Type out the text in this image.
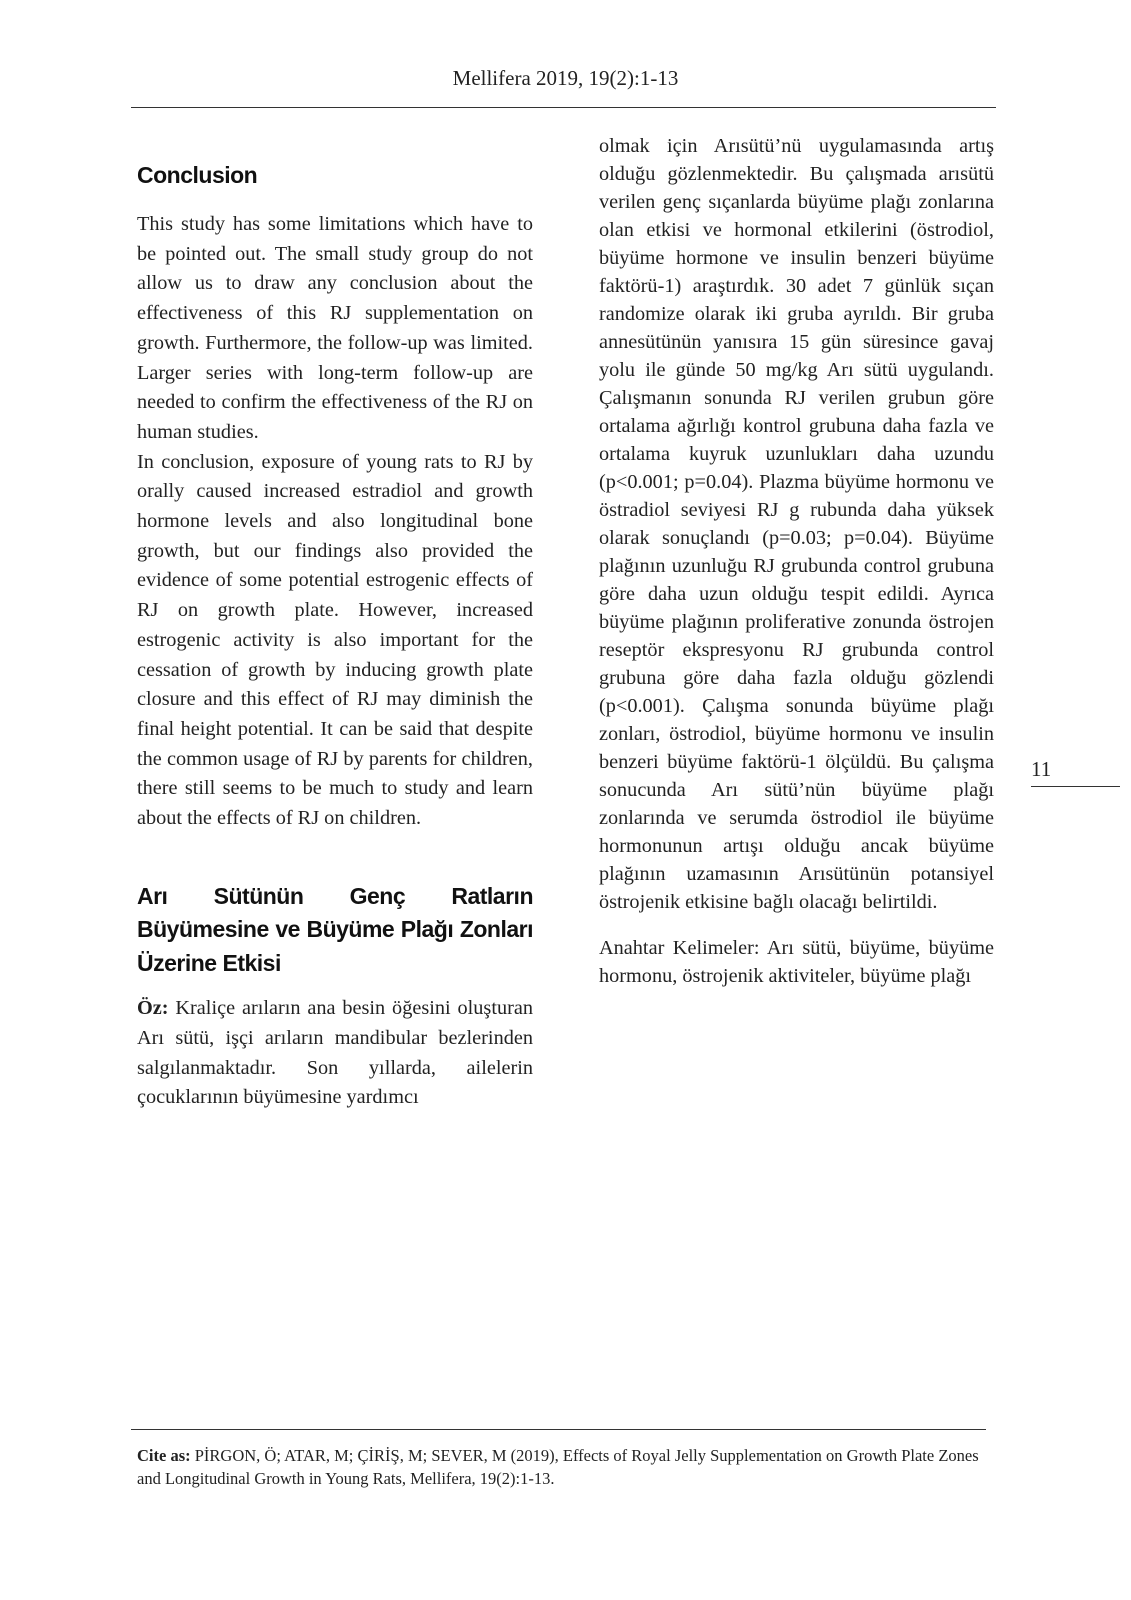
Mellifera 2019, 19(2):1-13
Conclusion

This study has some limitations which have to be pointed out. The small study group do not allow us to draw any conclusion about the effectiveness of this RJ supplementation on growth. Furthermore, the follow-up was limited. Larger series with long-term follow-up are needed to confirm the effectiveness of the RJ on human studies.

In conclusion, exposure of young rats to RJ by orally caused increased estradiol and growth hormone levels and also longitudinal bone growth, but our findings also provided the evidence of some potential estrogenic effects of RJ on growth plate. However, increased estrogenic activity is also important for the cessation of growth by inducing growth plate closure and this effect of RJ may diminish the final height potential. It can be said that despite the common usage of RJ by parents for children, there still seems to be much to study and learn about the effects of RJ on children.

Arı Sütünün Genç Ratların Büyümesine ve Büyüme Plağı Zonları Üzerine Etkisi

Öz: Kraliçe arıların ana besin öğesini oluşturan Arı sütü, işçi arıların mandibular bezlerinden salgılanmaktadır. Son yıllarda, ailelerin çocuklarının büyümesine yardımcı

olmak için Arısütü’nü uygulamasında artış olduğu gözlenmektedir. Bu çalışmada arısütü verilen genç sıçanlarda büyüme plağı zonlarına olan etkisi ve hormonal etkilerini (östrodiol, büyüme hormone ve insulin benzeri büyüme faktörü-1) araştırdık. 30 adet 7 günlük sıçan randomize olarak iki gruba ayrıldı. Bir gruba annesütünün yanısıra 15 gün süresince gavaj yolu ile günde 50 mg/kg Arı sütü uygulandı. Çalışmanın sonunda RJ verilen grubun göre ortalama ağırlığı kontrol grubuna daha fazla ve ortalama kuyruk uzunlukları daha uzundu (p<0.001; p=0.04). Plazma büyüme hormonu ve östradiol seviyesi RJ g rubunda daha yüksek olarak sonuçlandı (p=0.03; p=0.04). Büyüme plağının uzunluğu RJ grubunda control grubuna göre daha uzun olduğu tespit edildi. Ayrıca büyüme plağının proliferative zonunda östrojen reseptör ekspresyonu RJ grubunda control grubuna göre daha fazla olduğu gözlendi (p<0.001). Çalışma sonunda büyüme plağı zonları, östrodiol, büyüme hormonu ve insulin benzeri büyüme faktörü-1 ölçüldü. Bu çalışma sonucunda Arı sütü’nün büyüme plağı zonlarında ve serumda östrodiol ile büyüme hormonunun artışı olduğu ancak büyüme plağının uzamasının Arısütünün potansiyel östrojenik etkisine bağlı olacağı belirtildi.

Anahtar Kelimeler: Arı sütü, büyüme, büyüme hormonu, östrojenik aktiviteler, büyüme plağı

11
Cite as: PİRGON, Ö; ATAR, M; ÇİRİŞ, M; SEVER, M (2019), Effects of Royal Jelly Supplementation on Growth Plate Zones and Longitudinal Growth in Young Rats, Mellifera, 19(2):1-13.
